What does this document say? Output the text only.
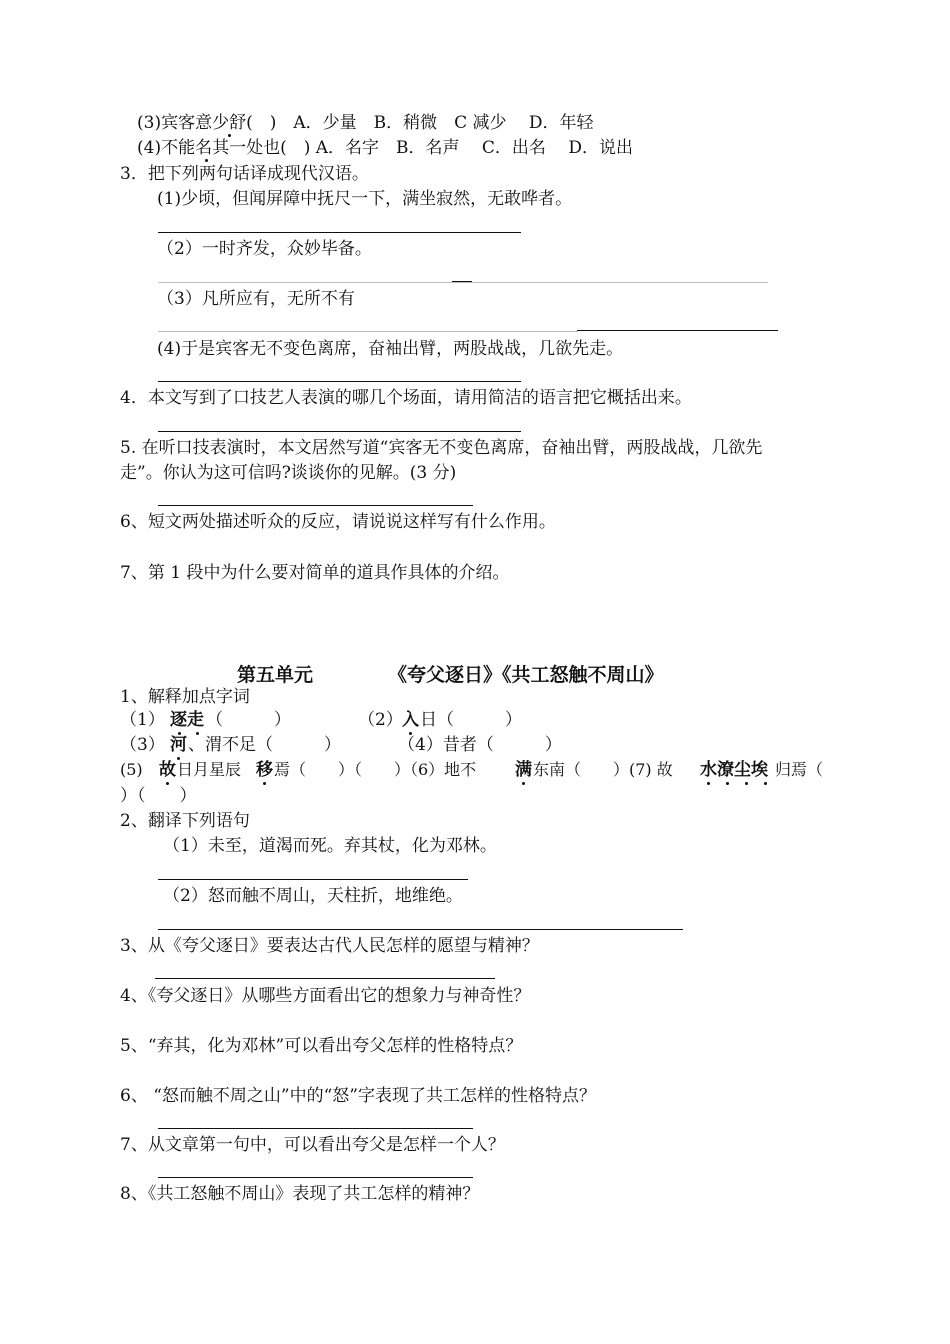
(3)宾客意少舒(　)　A．少量　B．稍微　C 减少　 D．年轻
(4)不能名其一处也(　) A．名字　B．名声　 C．出名　 D．说出
3．把下列两句话译成现代汉语。
(1)少顷，但闻屏障中抚尺一下，满坐寂然，无敢哗者。
（2）一时齐发，众妙毕备。
（3）凡所应有，无所不有
(4)于是宾客无不变色离席，奋袖出臂，两股战战，几欲先走。
4．本文写到了口技艺人表演的哪几个场面，请用简洁的语言把它概括出来。
5. 在听口技表演时，本文居然写道“宾客无不变色离席，奋袖出臂，两股战战，几欲先
走”。你认为这可信吗?谈谈你的见解。(3 分)
6、短文两处描述听众的反应，请说说这样写有什么作用。
7、第 1 段中为什么要对简单的道具作具体的介绍。
第五单元	《夸父逐日》《共工怒触不周山》
1、解释加点字词
（1） 逐走 （　　　）	（2） 入 日（　　　）
（3） 河 、渭不足（　　　）	（4）昔者（　　　）
(5) 故 日月星辰 移 焉（　　）（　　）（6）地不 满 东南（　　）(7) 故 水潦尘埃 归焉（
）（　　）
2、翻译下列语句
（1）未至，道渴而死。弃其杖，化为邓林。
（2）怒而触不周山，天柱折，地维绝。
3、从《夸父逐日》要表达古代人民怎样的愿望与精神？
4、《夸父逐日》从哪些方面看出它的想象力与神奇性？
5、“弃其，化为邓林”可以看出夸父怎样的性格特点？
6、 “怒而触不周之山”中的“怒”字表现了共工怎样的性格特点？
7、从文章第一句中，可以看出夸父是怎样一个人？
8、《共工怒触不周山》表现了共工怎样的精神？
